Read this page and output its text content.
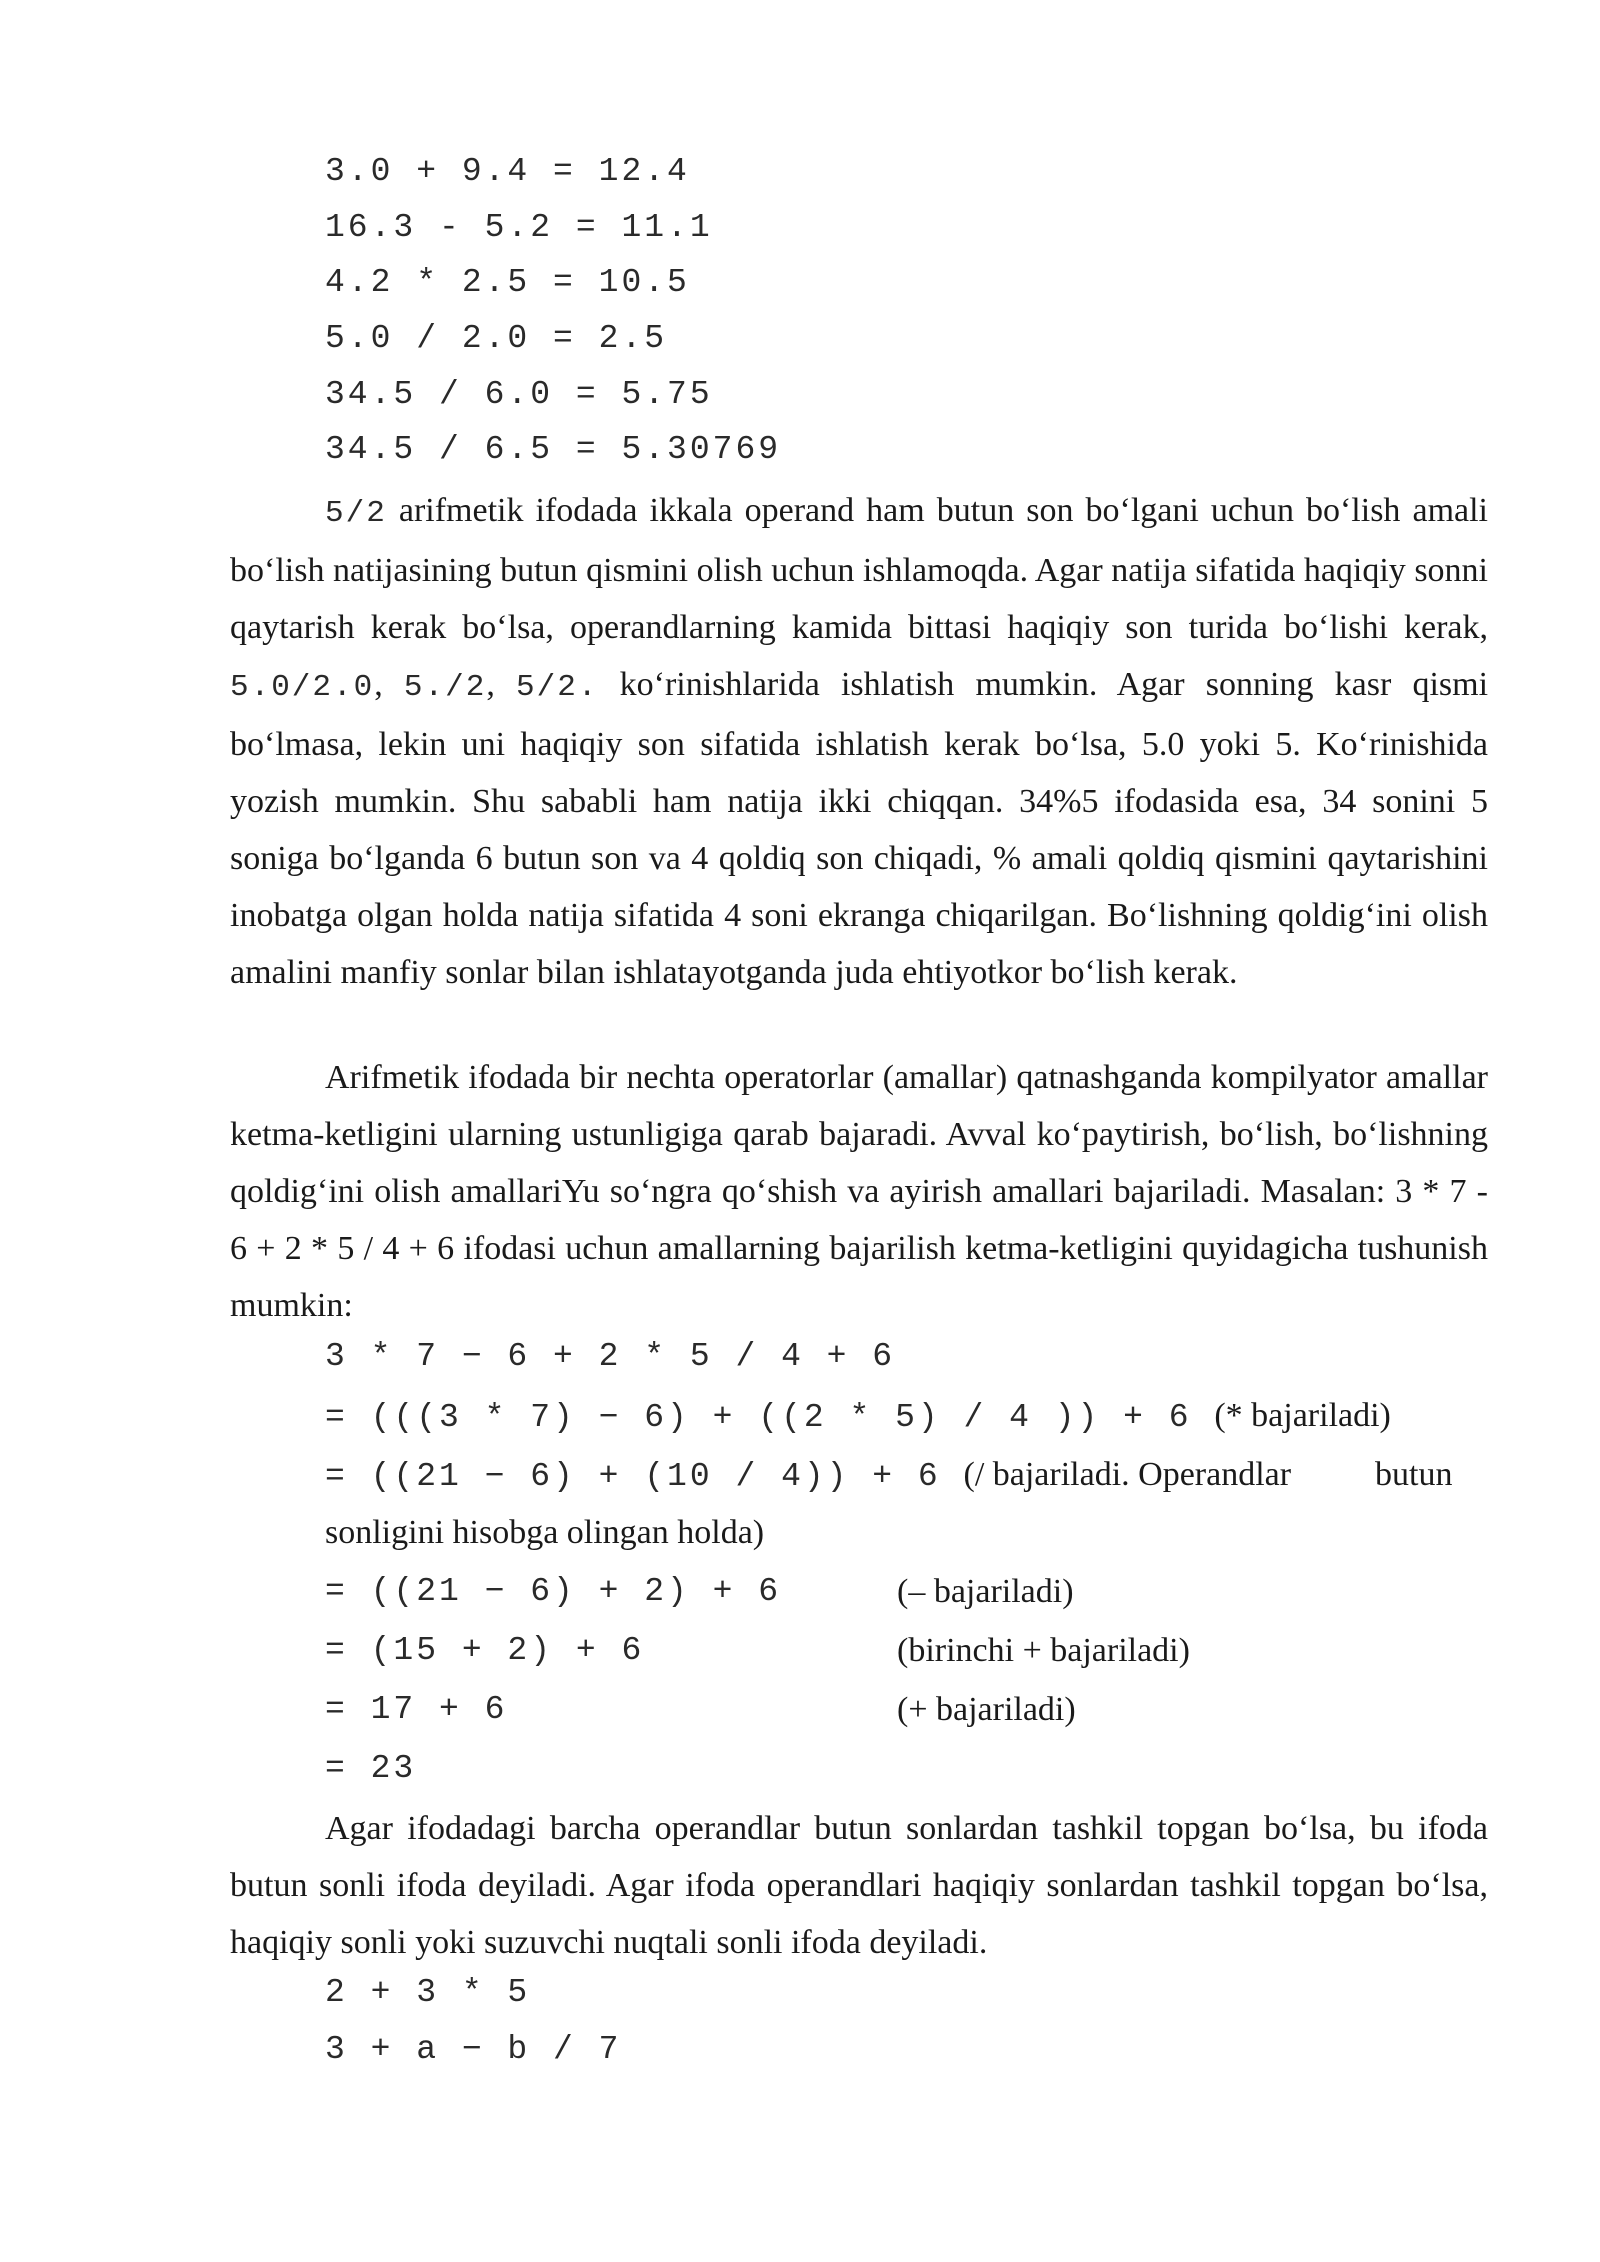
3.0 + 9.4 = 12.4
16.3 - 5.2 = 11.1
4.2 * 2.5 = 10.5
5.0 / 2.0 = 2.5
34.5 / 6.0 = 5.75
34.5 / 6.5 = 5.30769
5/2 arifmetik ifodada ikkala operand ham butun son bo‘lgani uchun bo‘lish amali bo‘lish natijasining butun qismini olish uchun ishlamoqda. Agar natija sifatida haqiqiy sonni qaytarish kerak bo‘lsa, operandlarning kamida bittasi haqiqiy son turida bo‘lishi kerak, 5.0/2.0, 5./2, 5/2. ko‘rinishlarida ishlatish mumkin. Agar sonning kasr qismi bo‘lmasa, lekin uni haqiqiy son sifatida ishlatish kerak bo‘lsa, 5.0 yoki 5. Ko‘rinishida yozish mumkin. Shu sababli ham natija ikki chiqqan. 34%5 ifodasida esa, 34 sonini 5 soniga bo‘lganda 6 butun son va 4 qoldiq son chiqadi, % amali qoldiq qismini qaytarishini inobatga olgan holda natija sifatida 4 soni ekranga chiqarilgan. Bo‘lishning qoldig‘ini olish amalini manfiy sonlar bilan ishlatayotganda juda ehtiyotkor bo‘lish kerak.
Arifmetik ifodada bir nechta operatorlar (amallar) qatnashganda kompilyator amallar ketma-ketligini ularning ustunligiga qarab bajaradi. Avval ko‘paytirish, bo‘lish, bo‘lishning qoldig‘ini olish amallariYu so‘ngra qo‘shish va ayirish amallari bajariladi. Masalan: 3 * 7 - 6 + 2 * 5 / 4 + 6 ifodasi uchun amallarning bajarilish ketma-ketligini quyidagicha tushunish mumkin:
3 * 7 − 6 + 2 * 5 / 4 + 6
= (((3 * 7) − 6) + ((2 * 5) / 4 )) + 6 (* bajariladi)
= ((21 − 6) + (10 / 4)) + 6 (/ bajariladi. Operandlar butun
sonligini hisobga olingan holda)
= ((21 − 6) + 2) + 6	(– bajariladi)
= (15 + 2) + 6	(birinchi + bajariladi)
= 17 + 6	(+ bajariladi)
= 23
Agar ifodadagi barcha operandlar butun sonlardan tashkil topgan bo‘lsa, bu ifoda butun sonli ifoda deyiladi. Agar ifoda operandlari haqiqiy sonlardan tashkil topgan bo‘lsa, haqiqiy sonli yoki suzuvchi nuqtali sonli ifoda deyiladi.
2 + 3 * 5
3 + a − b / 7
